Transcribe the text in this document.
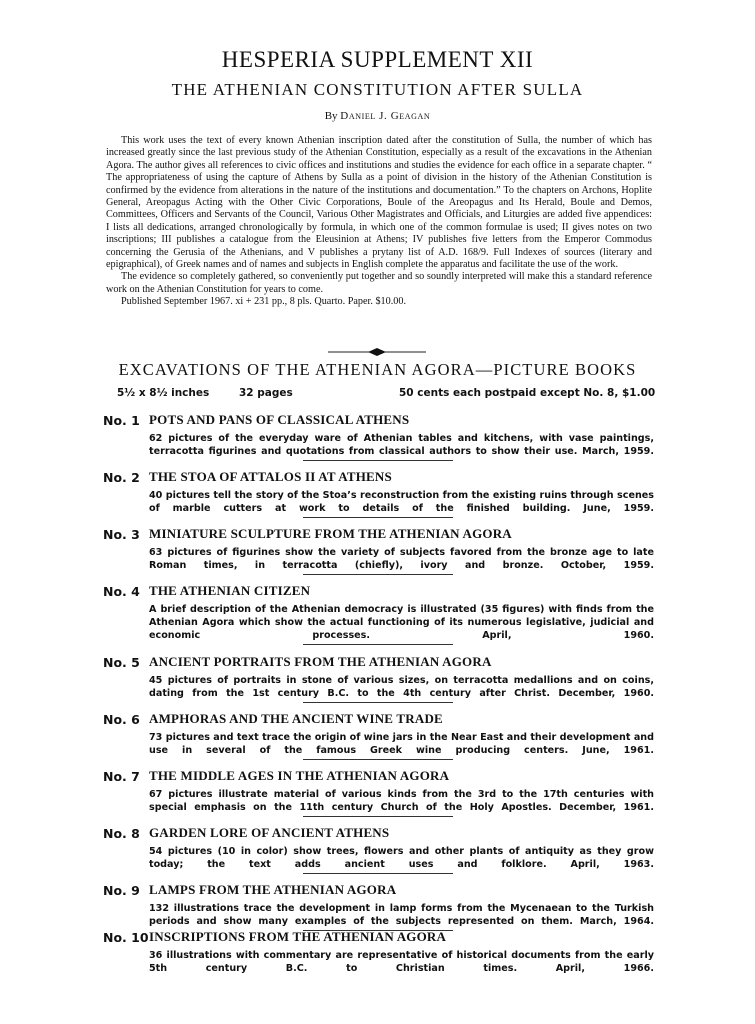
HESPERIA SUPPLEMENT XII
THE ATHENIAN CONSTITUTION AFTER SULLA
By Daniel J. Geagan

This work uses the text of every known Athenian inscription dated after the constitution of Sulla, the number of which has increased greatly since the last previous study of the Athenian Constitution, especially as a result of the excavations in the Athenian Agora. The author gives all references to civic offices and institutions and studies the evidence for each office in a separate chapter. “ The appropriateness of using the capture of Athens by Sulla as a point of division in the history of the Athenian Constitution is confirmed by the evidence from alterations in the nature of the institutions and documentation.” To the chapters on Archons, Hoplite General, Areopagus Acting with the Other Civic Corporations, Boule of the Areopagus and Its Herald, Boule and Demos, Committees, Officers and Servants of the Council, Various Other Magistrates and Officials, and Liturgies are added five appendices: I lists all dedications, arranged chronologically by formula, in which one of the common formulae is used; II gives notes on two inscriptions; III publishes a catalogue from the Eleusinion at Athens; IV publishes five letters from the Emperor Commodus concerning the Gerusia of the Athenians, and V publishes a prytany list of A.D. 168/9. Full Indexes of sources (literary and epigraphical), of Greek names and of names and subjects in English complete the apparatus and facilitate the use of the work.

The evidence so completely gathered, so conveniently put together and so soundly interpreted will make this a standard reference work on the Athenian Constitution for years to come.

Published September 1967. xi + 231 pp., 8 pls. Quarto. Paper. $10.00.

EXCAVATIONS OF THE ATHENIAN AGORA—PICTURE BOOKS
5½ x 8½ inches	32 pages	50 cents each postpaid except No. 8, $1.00
No. 1 POTS AND PANS OF CLASSICAL ATHENS
62 pictures of the everyday ware of Athenian tables and kitchens, with vase paintings, terracotta figurines and quotations from classical authors to show their use. March, 1959.
No. 2 THE STOA OF ATTALOS II AT ATHENS
40 pictures tell the story of the Stoa’s reconstruction from the existing ruins through scenes of marble cutters at work to details of the finished building. June, 1959.
No. 3 MINIATURE SCULPTURE FROM THE ATHENIAN AGORA
63 pictures of figurines show the variety of subjects favored from the bronze age to late Roman times, in terracotta (chiefly), ivory and bronze. October, 1959.
No. 4 THE ATHENIAN CITIZEN
A brief description of the Athenian democracy is illustrated (35 figures) with finds from the Athenian Agora which show the actual functioning of its numerous legislative, judicial and economic processes.	April, 1960.
No. 5 ANCIENT PORTRAITS FROM THE ATHENIAN AGORA
45 pictures of portraits in stone of various sizes, on terracotta medallions and on coins, dating from the 1st century B.C. to the 4th century after Christ. December, 1960.
No. 6 AMPHORAS AND THE ANCIENT WINE TRADE
73 pictures and text trace the origin of wine jars in the Near East and their development and use in several of the famous Greek wine producing centers. June, 1961.
No. 7 THE MIDDLE AGES IN THE ATHENIAN AGORA
67 pictures illustrate material of various kinds from the 3rd to the 17th centuries with special emphasis on the 11th century Church of the Holy Apostles. December, 1961.
No. 8 GARDEN LORE OF ANCIENT ATHENS
54 pictures (10 in color) show trees, flowers and other plants of antiquity as they grow today; the text adds ancient uses and folklore. April, 1963.
No. 9 LAMPS FROM THE ATHENIAN AGORA
132 illustrations trace the development in lamp forms from the Mycenaean to the Turkish periods and show many examples of the subjects represented on them. March, 1964.
No. 10 INSCRIPTIONS FROM THE ATHENIAN AGORA
36 illustrations with commentary are representative of historical documents from the early 5th century B.C. to Christian times.	April, 1966.
